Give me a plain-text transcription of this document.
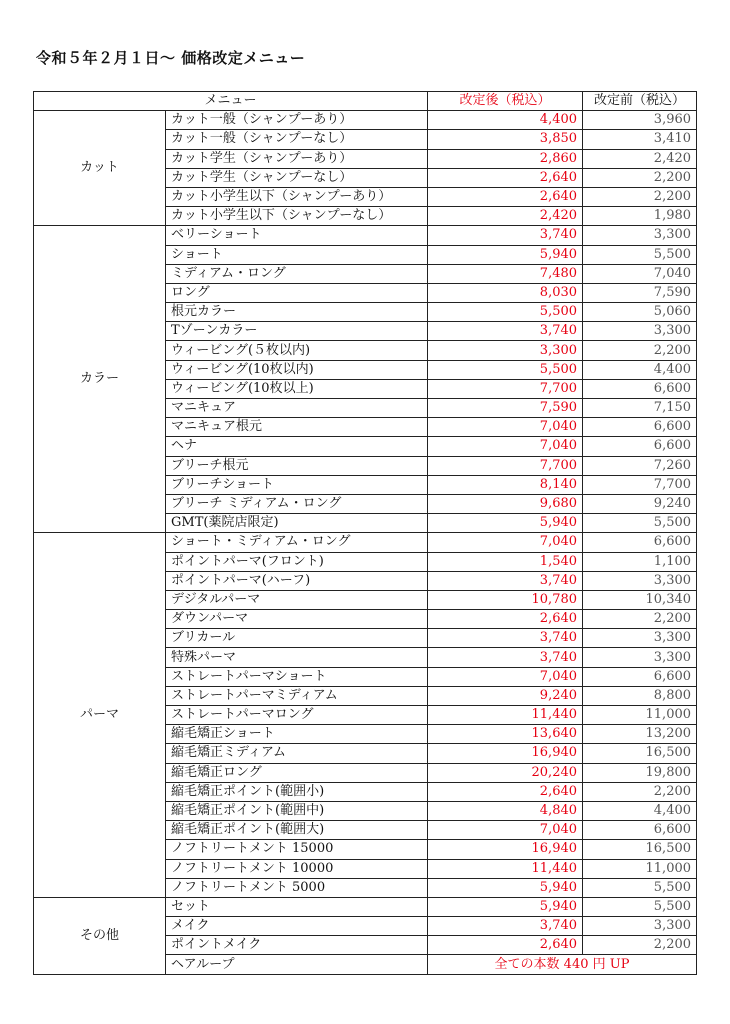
令和５年２月１日〜 価格改定メニュー
メニュー		改定後（税込）	改定前（税込）
カット	カット一般（シャンプーあり）	4,400	3,960
	カット一般（シャンプーなし）	3,850	3,410
	カット学生（シャンプーあり）	2,860	2,420
	カット学生（シャンプーなし）	2,640	2,200
	カット小学生以下（シャンプーあり）	2,640	2,200
	カット小学生以下（シャンプーなし）	2,420	1,980
カラー	ベリーショート	3,740	3,300
	ショート	5,940	5,500
	ミディアム・ロング	7,480	7,040
	ロング	8,030	7,590
	根元カラー	5,500	5,060
	Tゾーンカラー	3,740	3,300
	ウィービング(５枚以内)	3,300	2,200
	ウィービング(10枚以内)	5,500	4,400
	ウィービング(10枚以上)	7,700	6,600
	マニキュア	7,590	7,150
	マニキュア根元	7,040	6,600
	ヘナ	7,040	6,600
	ブリーチ根元	7,700	7,260
	ブリーチショート	8,140	7,700
	ブリーチ ミディアム・ロング	9,680	9,240
	GMT(薬院店限定)	5,940	5,500
パーマ	ショート・ミディアム・ロング	7,040	6,600
	ポイントパーマ(フロント)	1,540	1,100
	ポイントパーマ(ハーフ)	3,740	3,300
	デジタルパーマ	10,780	10,340
	ダウンパーマ	2,640	2,200
	ブリカール	3,740	3,300
	特殊パーマ	3,740	3,300
	ストレートパーマショート	7,040	6,600
	ストレートパーマミディアム	9,240	8,800
	ストレートパーマロング	11,440	11,000
	縮毛矯正ショート	13,640	13,200
	縮毛矯正ミディアム	16,940	16,500
	縮毛矯正ロング	20,240	19,800
	縮毛矯正ポイント(範囲小)	2,640	2,200
	縮毛矯正ポイント(範囲中)	4,840	4,400
	縮毛矯正ポイント(範囲大)	7,040	6,600
	ノフトリートメント 15000	16,940	16,500
	ノフトリートメント 10000	11,440	11,000
	ノフトリートメント 5000	5,940	5,500
その他	セット	5,940	5,500
	メイク	3,740	3,300
	ポイントメイク	2,640	2,200
	ヘアループ	全ての本数 440 円 UP	
